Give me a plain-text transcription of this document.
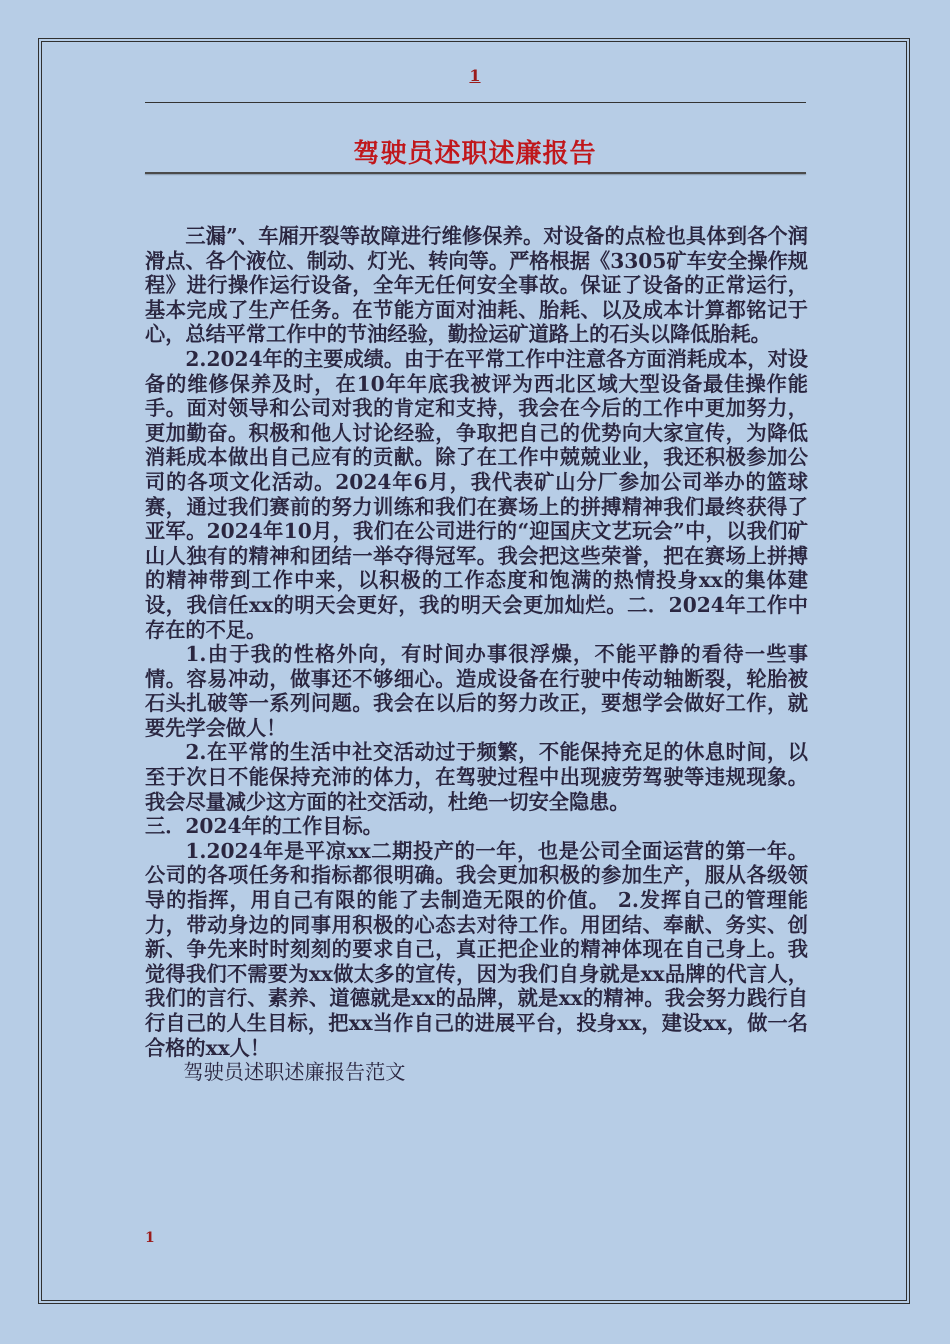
1
驾驶员述职述廉报告

三漏”、车厢开裂等故障进行维修保养。对设备的点检也具体到各个润滑点、各个液位、制动、灯光、转向等。严格根据《3305矿车安全操作规程》进行操作运行设备，全年无任何安全事故。保证了设备的正常运行，基本完成了生产任务。在节能方面对油耗、胎耗、以及成本计算都铭记于心，总结平常工作中的节油经验，勤捡运矿道路上的石头以降低胎耗。

2.2024年的主要成绩。由于在平常工作中注意各方面消耗成本，对设备的维修保养及时，在10年年底我被评为西北区域大型设备最佳操作能手。面对领导和公司对我的肯定和支持，我会在今后的工作中更加努力，更加勤奋。积极和他人讨论经验，争取把自己的优势向大家宣传，为降低消耗成本做出自己应有的贡献。除了在工作中兢兢业业，我还积极参加公司的各项文化活动。2024年6月，我代表矿山分厂参加公司举办的篮球赛，通过我们赛前的努力训练和我们在赛场上的拼搏精神我们最终获得了亚军。2024年10月，我们在公司进行的“迎国庆文艺玩会”中，以我们矿山人独有的精神和团结一举夺得冠军。我会把这些荣誉，把在赛场上拼搏的精神带到工作中来，以积极的工作态度和饱满的热情投身xx的集体建设，我信任xx的明天会更好，我的明天会更加灿烂。二．2024年工作中存在的不足。

1.由于我的性格外向，有时间办事很浮燥，不能平静的看待一些事情。容易冲动，做事还不够细心。造成设备在行驶中传动轴断裂，轮胎被石头扎破等一系列问题。我会在以后的努力改正，要想学会做好工作，就要先学会做人！

2.在平常的生活中社交活动过于频繁，不能保持充足的休息时间，以至于次日不能保持充沛的体力，在驾驶过程中出现疲劳驾驶等违规现象。我会尽量减少这方面的社交活动，杜绝一切安全隐患。

三．2024年的工作目标。

1.2024年是平凉xx二期投产的一年，也是公司全面运营的第一年。公司的各项任务和指标都很明确。我会更加积极的参加生产，服从各级领导的指挥，用自己有限的能了去制造无限的价值。 2.发挥自己的管理能力，带动身边的同事用积极的心态去对待工作。用团结、奉献、务实、创新、争先来时时刻刻的要求自己，真正把企业的精神体现在自己身上。我觉得我们不需要为xx做太多的宣传，因为我们自身就是xx品牌的代言人，我们的言行、素养、道德就是xx的品牌，就是xx的精神。我会努力践行自行自己的人生目标，把xx当作自己的进展平台，投身xx，建设xx，做一名合格的xx人！

驾驶员述职述廉报告范文

1
